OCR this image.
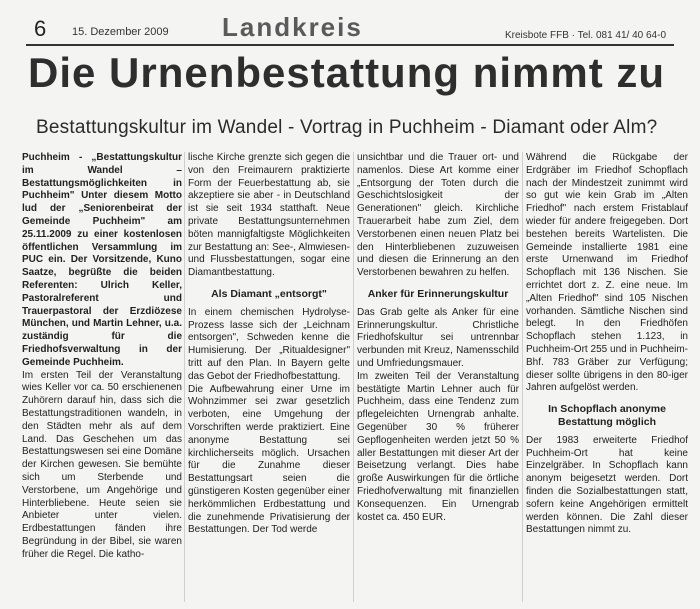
6 15. Dezember 2009 Landkreis	Kreisbote FFB · Tel. 081 41/ 40 64-0
Die Urnenbestattung nimmt zu
Bestattungskultur im Wandel - Vortrag in Puchheim - Diamant oder Alm?
Puchheim - „Bestattungskultur im Wandel – Bestattungsmöglichkeiten in Puchheim" Unter diesem Motto lud der „Seniorenbeirat der Gemeinde Puchheim" am 25.11.2009 zu einer kostenlosen öffentlichen Versammlung im PUC ein. Der Vorsitzende, Kuno Saatze, begrüßte die beiden Referenten: Ulrich Keller, Pastoralreferent und Trauerpastoral der Erzdiözese München, und Martin Lehner, u.a. zuständig für die Friedhofsverwaltung in der Gemeinde Puchheim.
Im ersten Teil der Veranstaltung wies Keller vor ca. 50 erschienenen Zuhörern darauf hin, dass sich die Bestattungstraditionen wandeln, in den Städten mehr als auf dem Land. Das Geschehen um das Bestattungswesen sei eine Domäne der Kirchen gewesen. Sie bemühte sich um Sterbende und Verstorbene, um Angehörige und Hinterbliebene. Heute seien sie Anbieter unter vielen. Erdbestattungen fänden ihre Begründung in der Bibel, sie waren früher die Regel. Die katho-
lische Kirche grenzte sich gegen die von den Freimaurern praktizierte Form der Feuerbestattung ab, sie akzeptiere sie aber - in Deutschland ist sie seit 1934 statthaft. Neue private Bestattungsunternehmen böten mannigfaltigste Möglichkeiten zur Bestattung an: See-, Almwiesen- und Flussbestattungen, sogar eine Diamantbestattung.
Als Diamant „entsorgt"
In einem chemischen Hydrolyse-Prozess lasse sich der „Leichnam entsorgen", Schweden kenne die Humisierung. Der „Ritualdesigner" tritt auf den Plan. In Bayern gelte das Gebot der Friedhofbestattung.
Die Aufbewahrung einer Urne im Wohnzimmer sei zwar gesetzlich verboten, eine Umgehung der Vorschriften werde praktiziert. Eine anonyme Bestattung sei kirchlicherseits möglich. Ursachen für die Zunahme dieser Bestattungsart seien die günstigeren Kosten gegenüber einer herkömmlichen Erdbestattung und die zunehmende Privatisierung der Bestattungen. Der Tod werde
unsichtbar und die Trauer ort- und namenlos. Diese Art komme einer „Entsorgung der Toten durch die Geschichtslosigkeit der Generationen" gleich. Kirchliche Trauerarbeit habe zum Ziel, dem Verstorbenen einen neuen Platz bei den Hinterbliebenen zuzuweisen und diesen die Erinnerung an den Verstorbenen bewahren zu helfen.
Anker für Erinnerungskultur
Das Grab gelte als Anker für eine Erinnerungskultur. Christliche Friedhofskultur sei untrennbar verbunden mit Kreuz, Namensschild und Umfriedungsmauer.
Im zweiten Teil der Veranstaltung bestätigte Martin Lehner auch für Puchheim, dass eine Tendenz zum pflegeleichten Urnengrab anhalte. Gegenüber 30 % früherer Gepflogenheiten werden jetzt 50 % aller Bestattungen mit dieser Art der Beisetzung verlangt. Dies habe große Auswirkungen für die örtliche Friedhofverwaltung mit finanziellen Konsequenzen. Ein Urnengrab kostet ca. 450 EUR.
Während die Rückgabe der Erdgräber im Friedhof Schopflach nach der Mindestzeit zunimmt wird so gut wie kein Grab im „Alten Friedhof" nach erstem Fristablauf wieder für andere freigegeben. Dort bestehen bereits Wartelisten. Die Gemeinde installierte 1981 eine erste Urnenwand im Friedhof Schopflach mit 136 Nischen. Sie errichtet dort z. Z. eine neue. Im „Alten Friedhof" sind 105 Nischen vorhanden. Sämtliche Nischen sind belegt. In den Friedhöfen Schopflach stehen 1.123, in Puchheim-Ort 255 und in Puchheim-Bhf. 783 Gräber zur Verfügung; dieser sollte übrigens in den 80-iger Jahren aufgelöst werden.
In Schopflach anonyme Bestattung möglich
Der 1983 erweiterte Friedhof Puchheim-Ort hat keine Einzelgräber. In Schopflach kann anonym beigesetzt werden. Dort finden die Sozialbestattungen statt, sofern keine Angehörigen ermittelt werden können. Die Zahl dieser Bestattungen nimmt zu.
